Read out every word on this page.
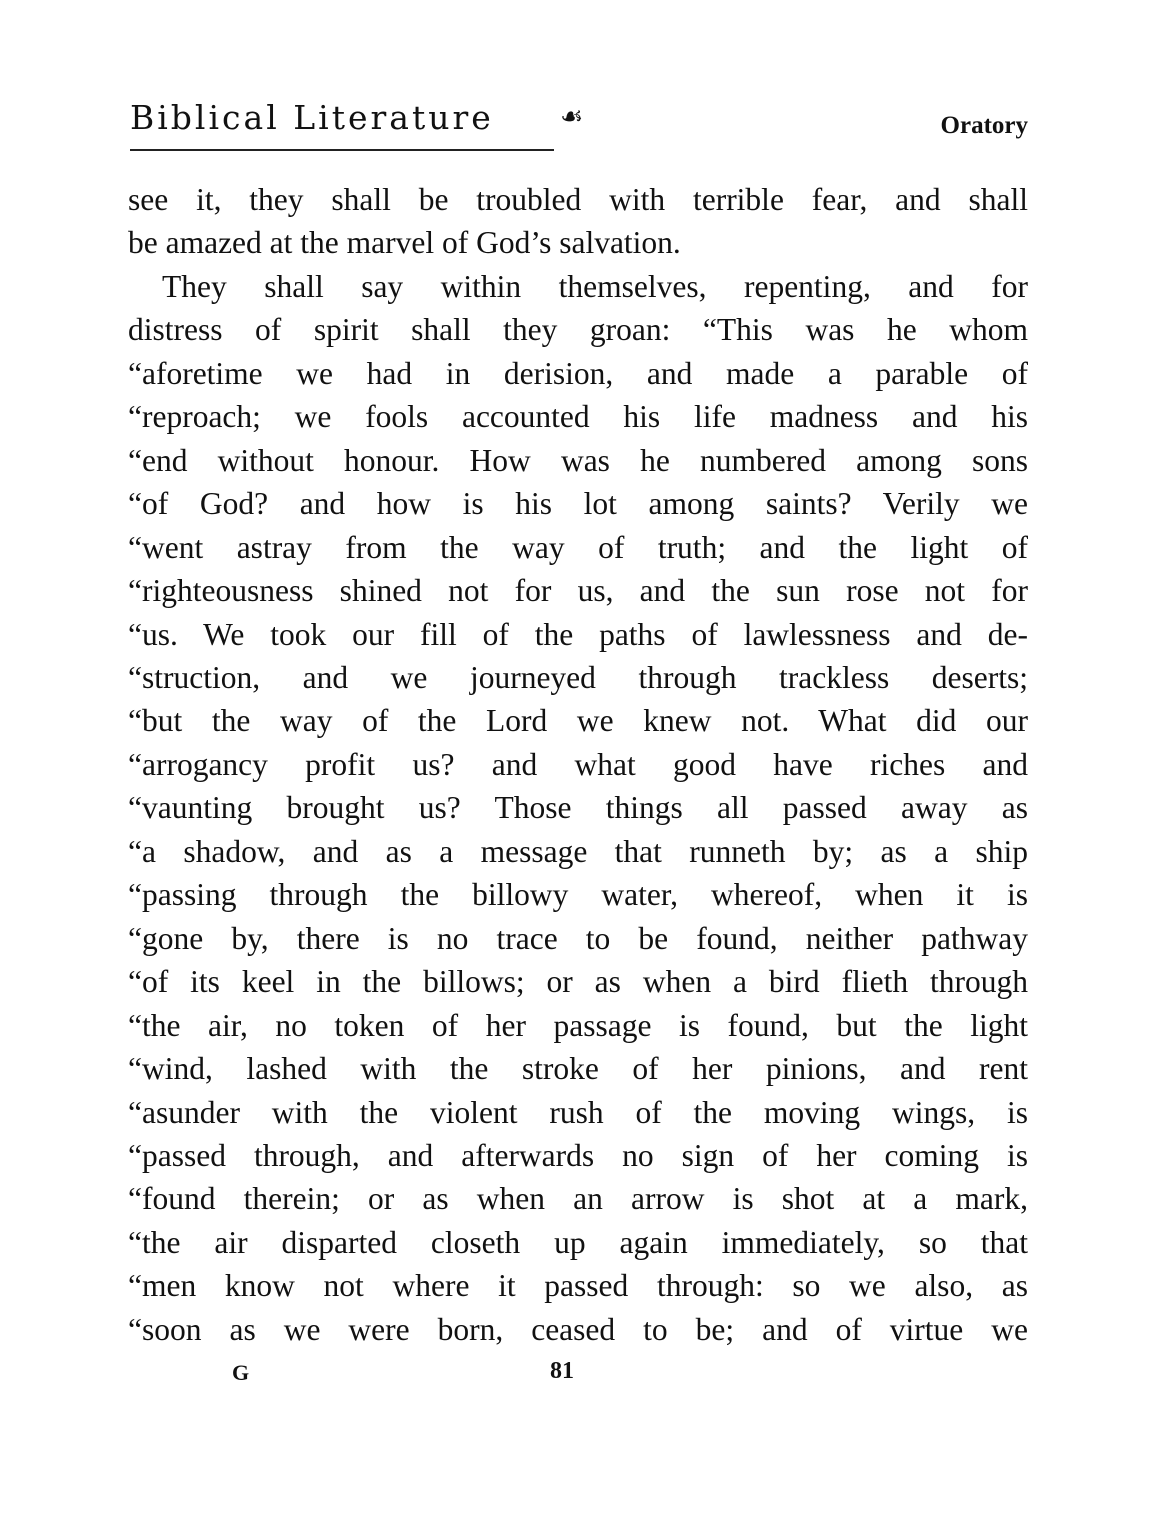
Biblical Literature	☙	Oratory
see it, they shall be troubled with terrible fear, and shall
be amazed at the marvel of God’s salvation.
They shall say within themselves, repenting, and for
distress of spirit shall they groan: “This was he whom
“aforetime we had in derision, and made a parable of
“reproach; we fools accounted his life madness and his
“end without honour. How was he numbered among sons
“of God? and how is his lot among saints? Verily we
“went astray from the way of truth; and the light of
“righteousness shined not for us, and the sun rose not for
“us. We took our fill of the paths of lawlessness and de-
“struction, and we journeyed through trackless deserts;
“but the way of the Lord we knew not. What did our
“arrogancy profit us? and what good have riches and
“vaunting brought us? Those things all passed away as
“a shadow, and as a message that runneth by; as a ship
“passing through the billowy water, whereof, when it is
“gone by, there is no trace to be found, neither pathway
“of its keel in the billows; or as when a bird flieth through
“the air, no token of her passage is found, but the light
“wind, lashed with the stroke of her pinions, and rent
“asunder with the violent rush of the moving wings, is
“passed through, and afterwards no sign of her coming is
“found therein; or as when an arrow is shot at a mark,
“the air disparted closeth up again immediately, so that
“men know not where it passed through: so we also, as
“soon as we were born, ceased to be; and of virtue we
G	81
